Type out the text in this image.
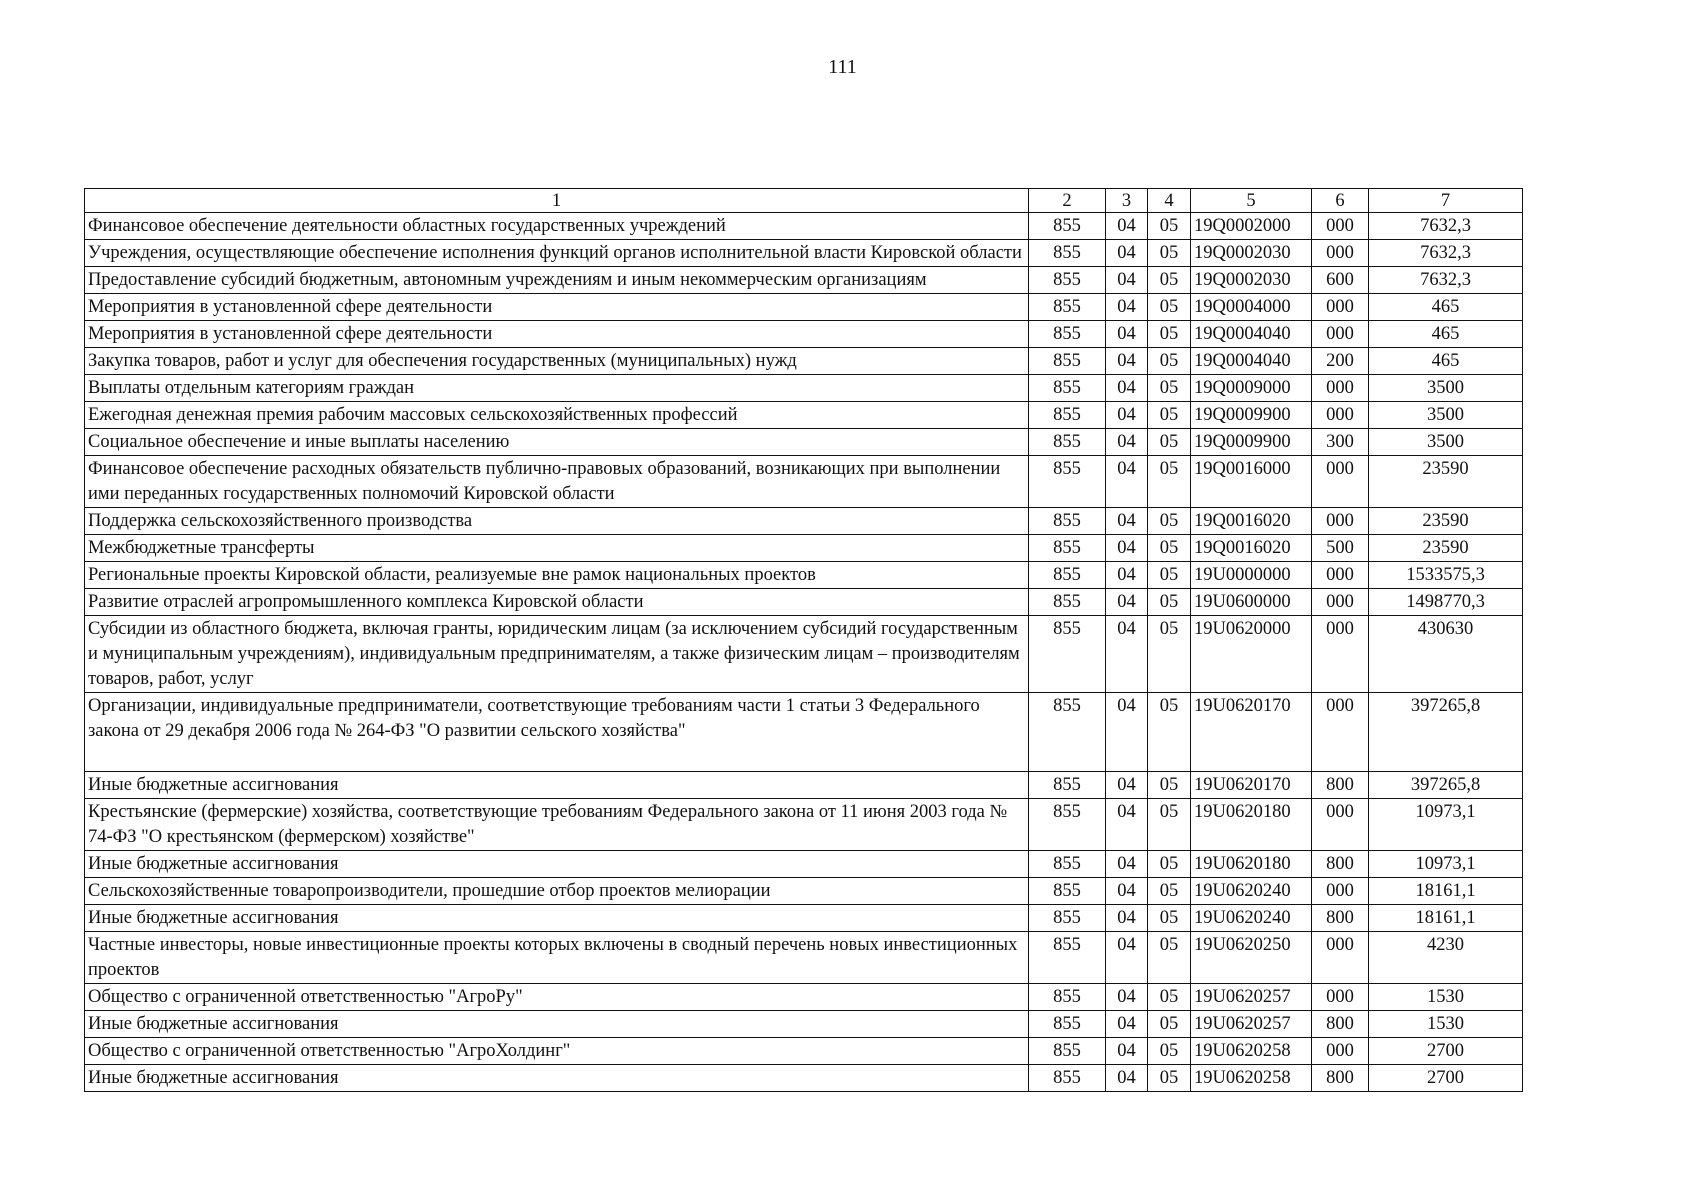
111
1	2	3	4	5	6	7
Финансовое обеспечение деятельности областных государственных учреждений	855	04	05	19Q0002000	000	7632,3
Учреждения, осуществляющие обеспечение исполнения функций органов исполнительной власти Кировской области	855	04	05	19Q0002030	000	7632,3
Предоставление субсидий бюджетным, автономным учреждениям и иным некоммерческим организациям	855	04	05	19Q0002030	600	7632,3
Мероприятия в установленной сфере деятельности	855	04	05	19Q0004000	000	465
Мероприятия в установленной сфере деятельности	855	04	05	19Q0004040	000	465
Закупка товаров, работ и услуг для обеспечения государственных (муниципальных) нужд	855	04	05	19Q0004040	200	465
Выплаты отдельным категориям граждан	855	04	05	19Q0009000	000	3500
Ежегодная денежная премия рабочим массовых сельскохозяйственных профессий	855	04	05	19Q0009900	000	3500
Социальное обеспечение и иные выплаты населению	855	04	05	19Q0009900	300	3500
Финансовое обеспечение расходных обязательств публично-правовых образований, возникающих при выполнении ими переданных государственных полномочий Кировской области	855	04	05	19Q0016000	000	23590
Поддержка сельскохозяйственного производства	855	04	05	19Q0016020	000	23590
Межбюджетные трансферты	855	04	05	19Q0016020	500	23590
Региональные проекты Кировской области, реализуемые вне рамок национальных проектов	855	04	05	19U0000000	000	1533575,3
Развитие отраслей агропромышленного комплекса Кировской области	855	04	05	19U0600000	000	1498770,3
Субсидии из областного бюджета, включая гранты, юридическим лицам (за исключением субсидий государственным и муниципальным учреждениям), индивидуальным предпринимателям, а также физическим лицам – производителям товаров, работ, услуг	855	04	05	19U0620000	000	430630
Организации, индивидуальные предприниматели, соответствующие требованиям части 1 статьи 3 Федерального закона от 29 декабря 2006 года № 264-ФЗ "О развитии сельского хозяйства"	855	04	05	19U0620170	000	397265,8
Иные бюджетные ассигнования	855	04	05	19U0620170	800	397265,8
Крестьянские (фермерские) хозяйства, соответствующие требованиям Федерального закона от 11 июня 2003 года № 74-ФЗ "О крестьянском (фермерском) хозяйстве"	855	04	05	19U0620180	000	10973,1
Иные бюджетные ассигнования	855	04	05	19U0620180	800	10973,1
Сельскохозяйственные товаропроизводители, прошедшие отбор проектов мелиорации	855	04	05	19U0620240	000	18161,1
Иные бюджетные ассигнования	855	04	05	19U0620240	800	18161,1
Частные инвесторы, новые инвестиционные проекты которых включены в сводный перечень новых инвестиционных проектов	855	04	05	19U0620250	000	4230
Общество с ограниченной ответственностью "АгроРу"	855	04	05	19U0620257	000	1530
Иные бюджетные ассигнования	855	04	05	19U0620257	800	1530
Общество с ограниченной ответственностью "АгроХолдинг"	855	04	05	19U0620258	000	2700
Иные бюджетные ассигнования	855	04	05	19U0620258	800	2700
